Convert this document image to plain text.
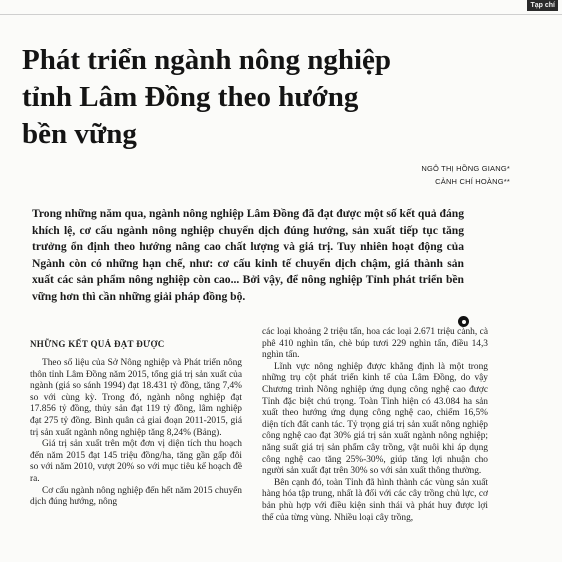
Tạp chí
Phát triển ngành nông nghiệp
tỉnh Lâm Đồng theo hướng
bền vững
NGÔ THỊ HỒNG GIANG*
CẢNH CHÍ HOÀNG**

Trong những năm qua, ngành nông nghiệp Lâm Đồng đã đạt được một số kết quả đáng khích lệ, cơ cấu ngành nông nghiệp chuyển dịch đúng hướng, sản xuất tiếp tục tăng trưởng ổn định theo hướng nâng cao chất lượng và giá trị. Tuy nhiên hoạt động của Ngành còn có những hạn chế, như: cơ cấu kinh tế chuyển dịch chậm, giá thành sản xuất các sản phẩm nông nghiệp còn cao... Bởi vậy, để nông nghiệp Tỉnh phát triển bền vững hơn thì cần những giải pháp đồng bộ.

NHỮNG KẾT QUẢ ĐẠT ĐƯỢC

Theo số liệu của Sở Nông nghiệp và Phát triển nông thôn tỉnh Lâm Đồng năm 2015, tổng giá trị sản xuất của ngành (giá so sánh 1994) đạt 18.431 tỷ đồng, tăng 7,4% so với cùng kỳ. Trong đó, ngành nông nghiệp đạt 17.856 tỷ đồng, thủy sản đạt 119 tỷ đồng, lâm nghiệp đạt 275 tỷ đồng. Bình quân cả giai đoạn 2011-2015, giá trị sản xuất ngành nông nghiệp tăng 8,24% (Bảng).

Giá trị sản xuất trên một đơn vị diện tích thu hoạch đến năm 2015 đạt 145 triệu đồng/ha, tăng gần gấp đôi so với năm 2010, vượt 20% so với mục tiêu kế hoạch đề ra.

Cơ cấu ngành nông nghiệp đến hết năm 2015 chuyển dịch đúng hướng, nông

các loại khoảng 2 triệu tấn, hoa các loại 2.671 triệu cành, cà phê 410 nghìn tấn, chè búp tươi 229 nghìn tấn, điều 14,3 nghìn tấn.

Lĩnh vực nông nghiệp được khẳng định là một trong những trụ cột phát triển kinh tế của Lâm Đồng, do vậy Chương trình Nông nghiệp ứng dụng công nghệ cao được Tỉnh đặc biệt chú trọng. Toàn Tỉnh hiện có 43.084 ha sản xuất theo hướng ứng dụng công nghệ cao, chiếm 16,5% diện tích đất canh tác. Tỷ trọng giá trị sản xuất nông nghiệp công nghệ cao đạt 30% giá trị sản xuất ngành nông nghiệp; năng suất giá trị sản phẩm cây trồng, vật nuôi khi áp dụng công nghệ cao tăng 25%-30%, giúp tăng lợi nhuận cho người sản xuất đạt trên 30% so với sản xuất thông thường.

Bên cạnh đó, toàn Tỉnh đã hình thành các vùng sản xuất hàng hóa tập trung, nhất là đối với các cây trồng chủ lực, cơ bản phù hợp với điều kiện sinh thái và phát huy được lợi thế của từng vùng. Nhiều loại cây trồng,
